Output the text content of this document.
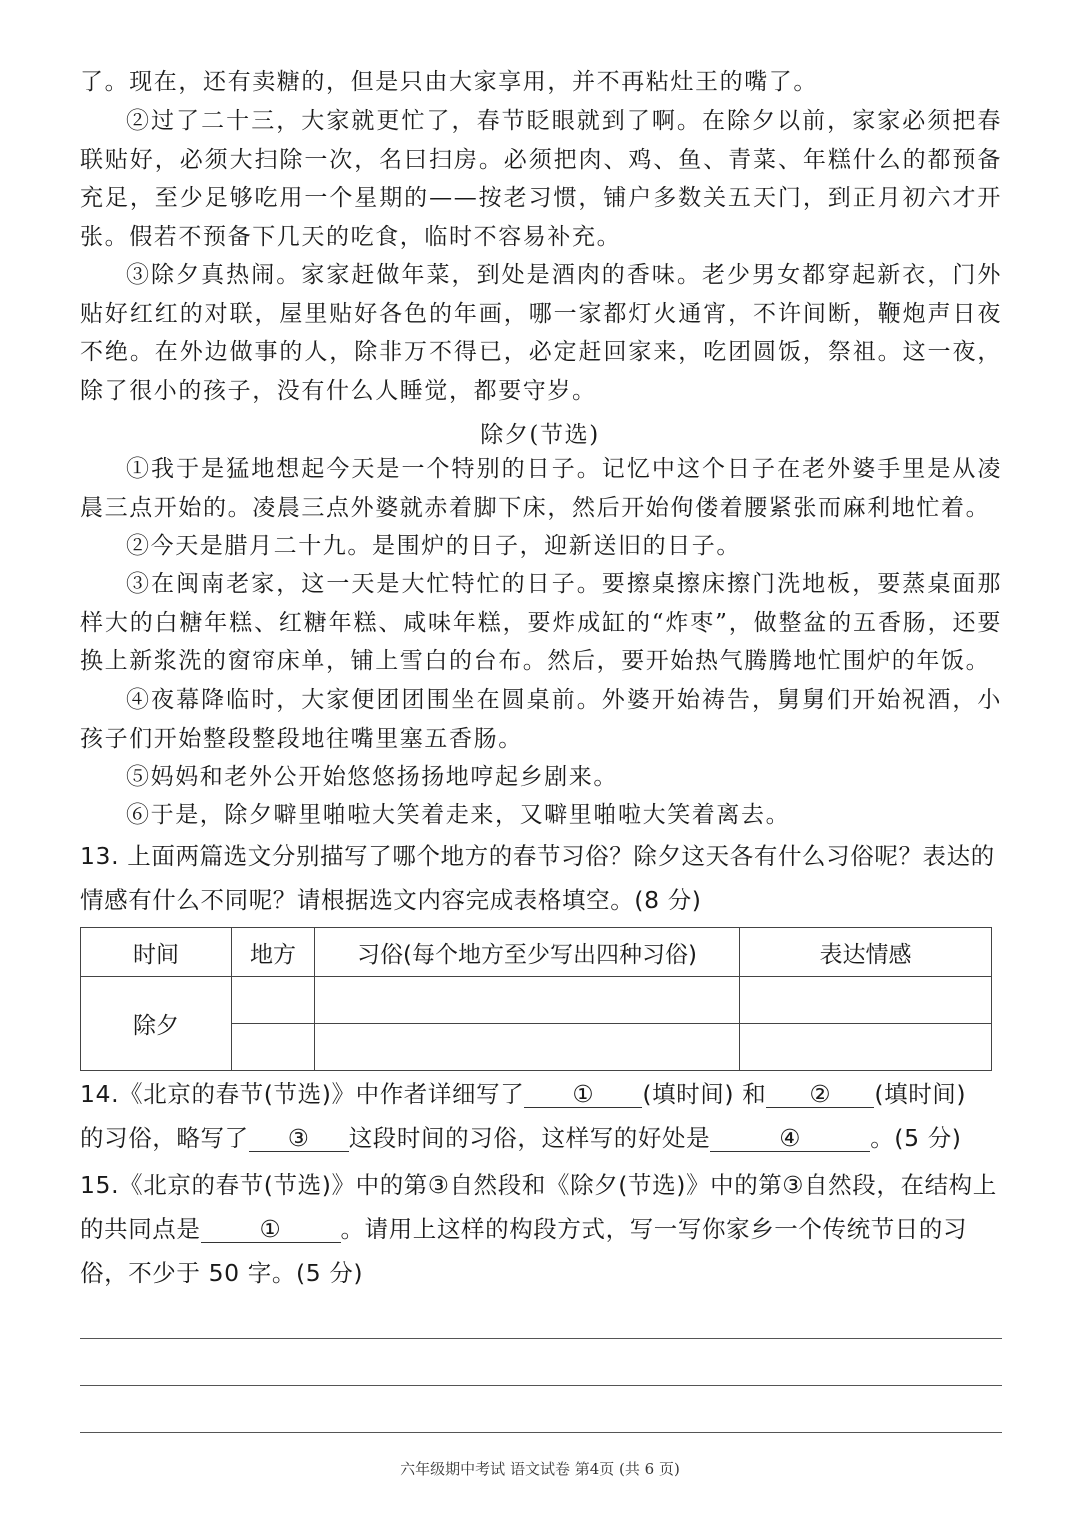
了。现在，还有卖糖的，但是只由大家享用，并不再粘灶王的嘴了。

②过了二十三，大家就更忙了，春节眨眼就到了啊。在除夕以前，家家必须把春联贴好，必须大扫除一次，名曰扫房。必须把肉、鸡、鱼、青菜、年糕什么的都预备充足，至少足够吃用一个星期的——按老习惯，铺户多数关五天门，到正月初六才开张。假若不预备下几天的吃食，临时不容易补充。

③除夕真热闹。家家赶做年菜，到处是酒肉的香味。老少男女都穿起新衣，门外贴好红红的对联，屋里贴好各色的年画，哪一家都灯火通宵，不许间断，鞭炮声日夜不绝。在外边做事的人，除非万不得已，必定赶回家来，吃团圆饭，祭祖。这一夜，除了很小的孩子，没有什么人睡觉，都要守岁。

除夕(节选)

①我于是猛地想起今天是一个特别的日子。记忆中这个日子在老外婆手里是从凌晨三点开始的。凌晨三点外婆就赤着脚下床，然后开始佝偻着腰紧张而麻利地忙着。

②今天是腊月二十九。是围炉的日子，迎新送旧的日子。

③在闽南老家，这一天是大忙特忙的日子。要擦桌擦床擦门洗地板，要蒸桌面那样大的白糖年糕、红糖年糕、咸味年糕，要炸成缸的“炸枣”，做整盆的五香肠，还要换上新浆洗的窗帘床单，铺上雪白的台布。然后，要开始热气腾腾地忙围炉的年饭。

④夜幕降临时，大家便团团围坐在圆桌前。外婆开始祷告，舅舅们开始祝酒，小孩子们开始整段整段地往嘴里塞五香肠。

⑤妈妈和老外公开始悠悠扬扬地哼起乡剧来。

⑥于是，除夕噼里啪啦大笑着走来，又噼里啪啦大笑着离去。

13. 上面两篇选文分别描写了哪个地方的春节习俗？除夕这天各有什么习俗呢？表达的情感有什么不同呢？请根据选文内容完成表格填空。(8 分)

时间	地方	习俗(每个地方至少写出四种习俗)	表达情感
除夕			

14.《北京的春节(节选)》中作者详细写了 ① (填时间) 和 ② (填时间)
的习俗，略写了 ③ 这段时间的习俗，这样写的好处是	④	。(5 分)

15.《北京的春节(节选)》中的第③自然段和《除夕(节选)》中的第③自然段，在结构上的共同点是	①	。请用上这样的构段方式，写一写你家乡一个传统节日的习俗，不少于 50 字。(5 分)

六年级期中考试 语文试卷 第4页 (共 6 页)
